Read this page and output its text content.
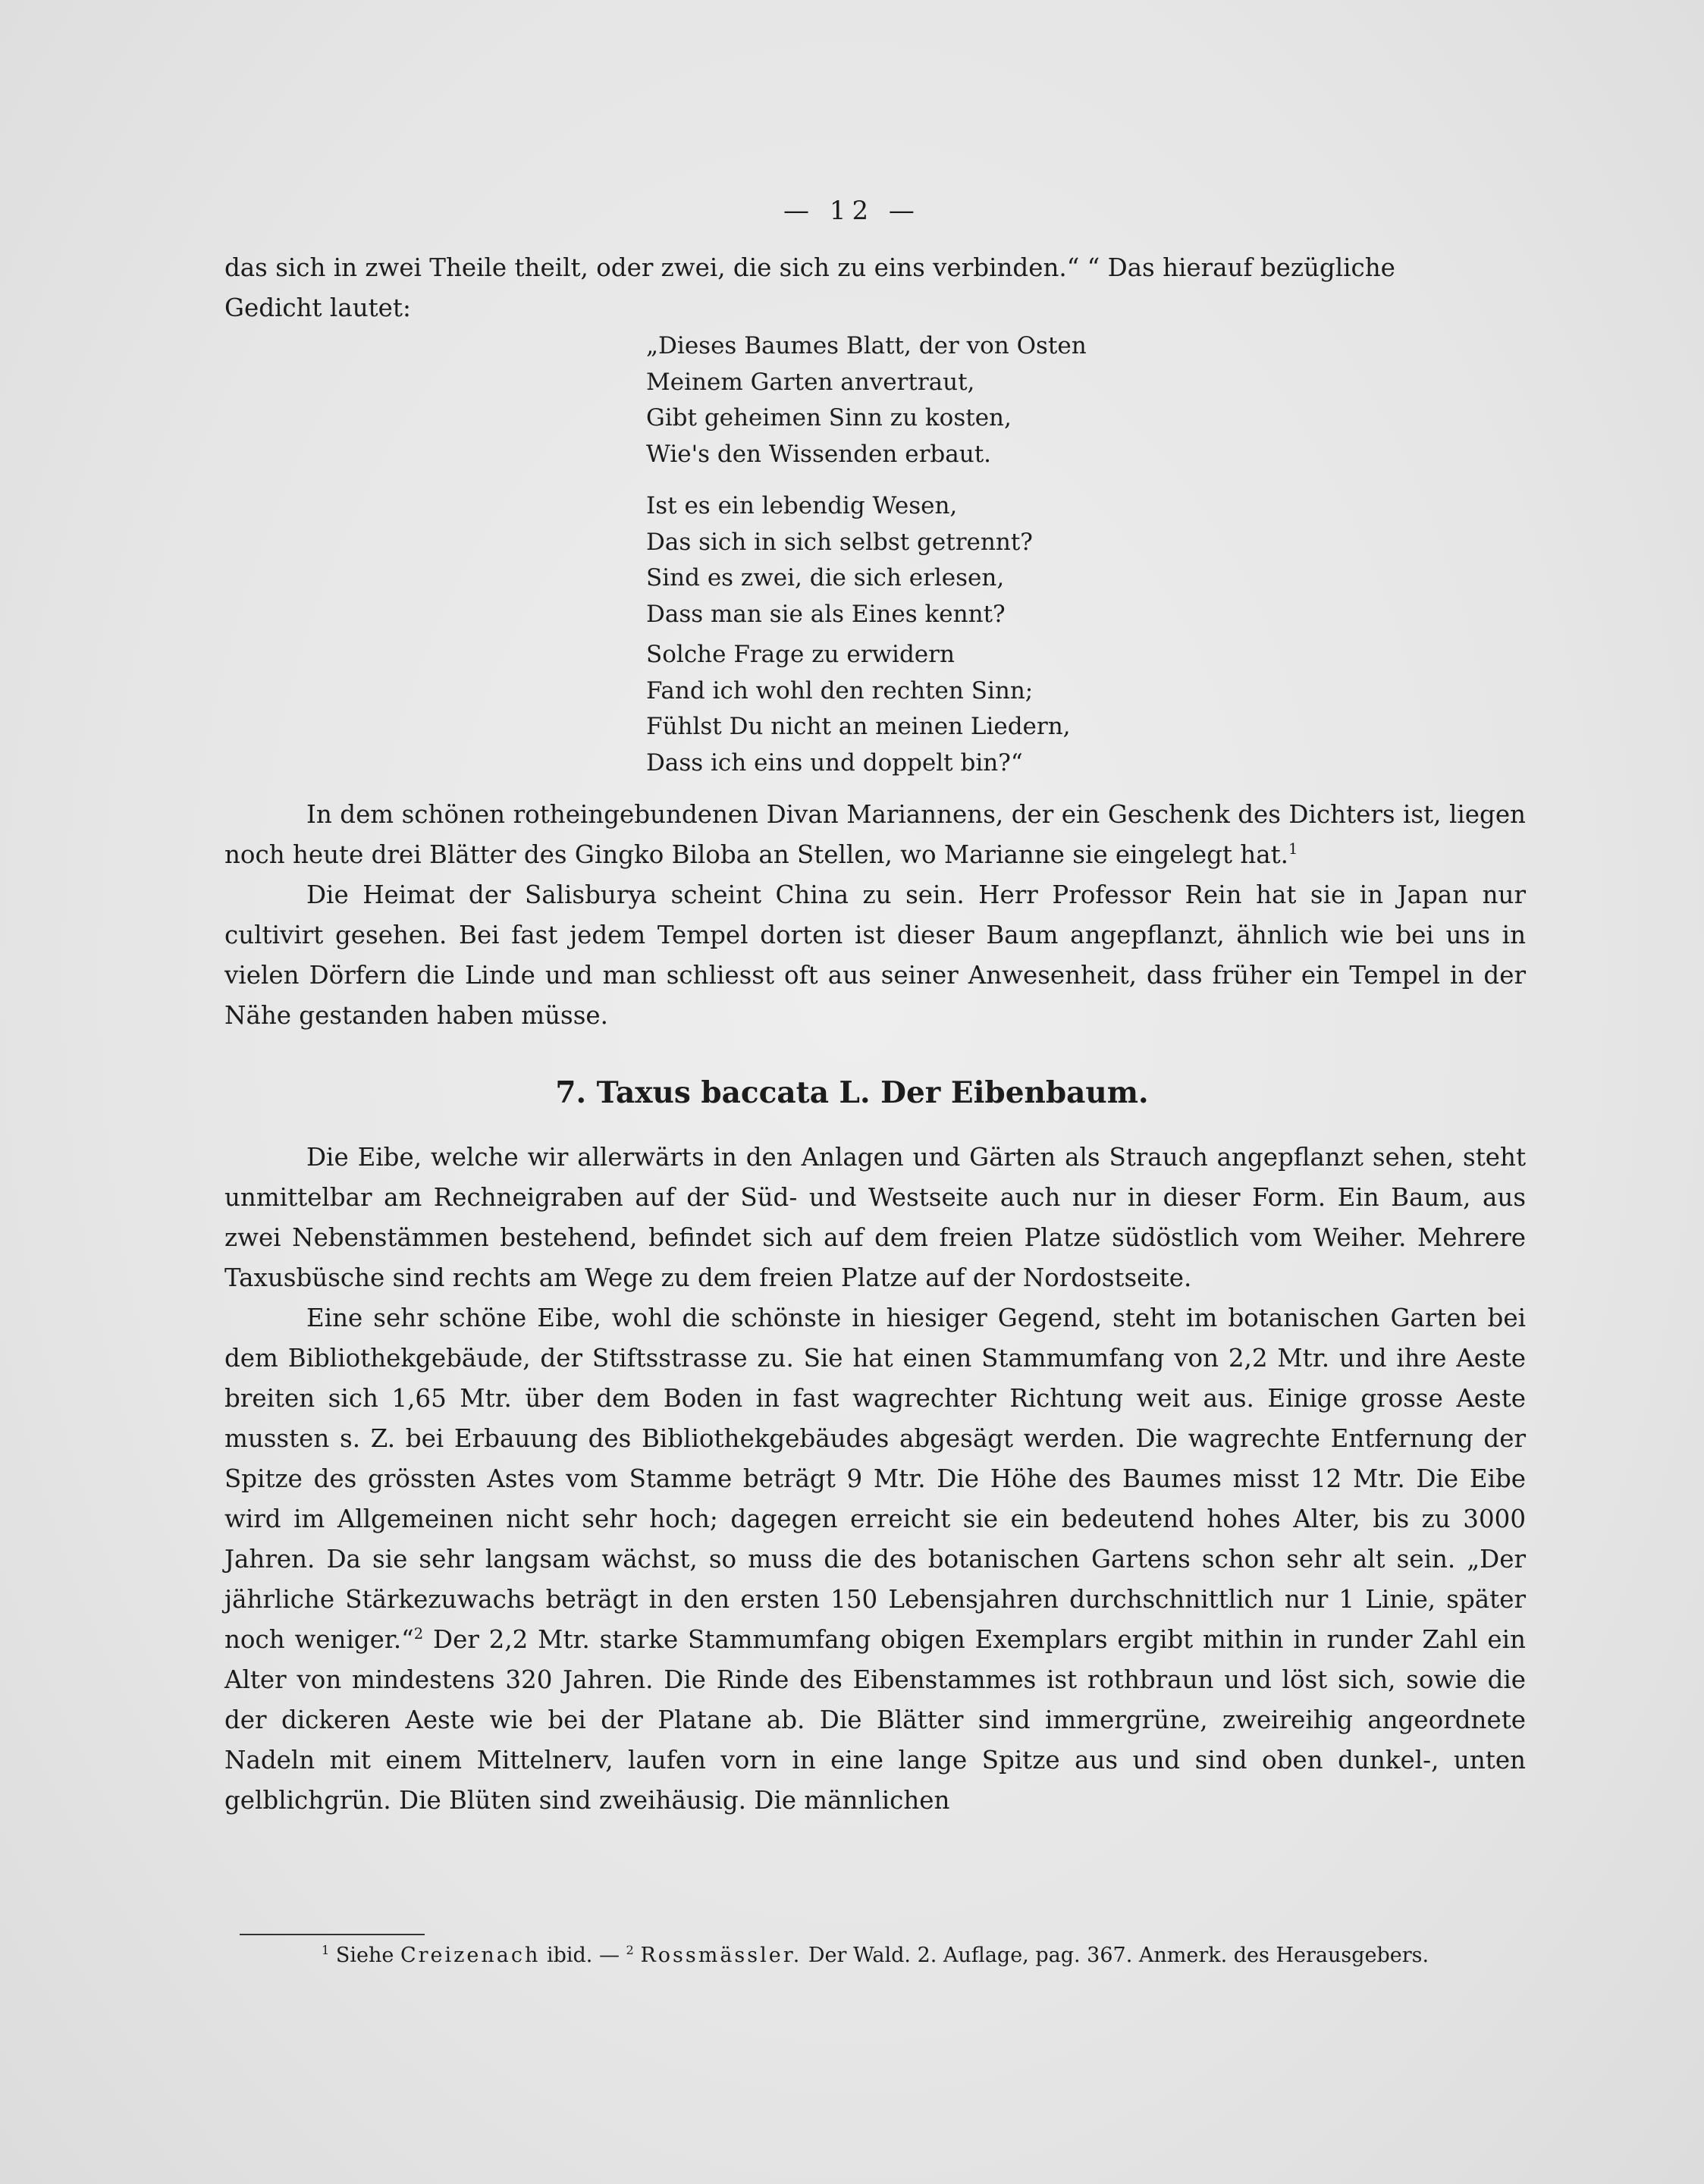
— 12 —

das sich in zwei Theile theilt, oder zwei, die sich zu eins verbinden.“ “ Das hierauf bezügliche

Gedicht lautet:

„Dieses Baumes Blatt, der von Osten
Meinem Garten anvertraut,
Gibt geheimen Sinn zu kosten,
Wie's den Wissenden erbaut.
Ist es ein lebendig Wesen,
Das sich in sich selbst getrennt?
Sind es zwei, die sich erlesen,
Dass man sie als Eines kennt?
Solche Frage zu erwidern
Fand ich wohl den rechten Sinn;
Fühlst Du nicht an meinen Liedern,
Dass ich eins und doppelt bin?“

In dem schönen rotheingebundenen Divan Mariannens, der ein Geschenk des Dichters ist, liegen noch heute drei Blätter des Gingko Biloba an Stellen, wo Marianne sie eingelegt hat.$^1$

Die Heimat der Salisburya scheint China zu sein. Herr Professor Rein hat sie in Japan nur cultivirt gesehen. Bei fast jedem Tempel dorten ist dieser Baum angepflanzt, ähnlich wie bei uns in vielen Dörfern die Linde und man schliesst oft aus seiner Anwesenheit, dass früher ein Tempel in der Nähe gestanden haben müsse.

7. Taxus baccata L. Der Eibenbaum.

Die Eibe, welche wir allerwärts in den Anlagen und Gärten als Strauch angepflanzt sehen, steht unmittelbar am Rechneigraben auf der Süd- und Westseite auch nur in dieser Form. Ein Baum, aus zwei Nebenstämmen bestehend, befindet sich auf dem freien Platze südöstlich vom Weiher. Mehrere Taxusbüsche sind rechts am Wege zu dem freien Platze auf der Nordostseite.

Eine sehr schöne Eibe, wohl die schönste in hiesiger Gegend, steht im botanischen Garten bei dem Bibliothekgebäude, der Stiftsstrasse zu. Sie hat einen Stammumfang von 2,2 Mtr. und ihre Aeste breiten sich 1,65 Mtr. über dem Boden in fast wagrechter Richtung weit aus. Einige grosse Aeste mussten s. Z. bei Erbauung des Bibliothekgebäudes abgesägt werden. Die wagrechte Entfernung der Spitze des grössten Astes vom Stamme beträgt 9 Mtr. Die Höhe des Baumes misst 12 Mtr. Die Eibe wird im Allgemeinen nicht sehr hoch; dagegen erreicht sie ein bedeutend hohes Alter, bis zu 3000 Jahren. Da sie sehr langsam wächst, so muss die des botanischen Gartens schon sehr alt sein. „Der jährliche Stärkezuwachs beträgt in den ersten 150 Lebensjahren durchschnittlich nur 1 Linie, später noch weniger.“$^2$ Der 2,2 Mtr. starke Stammumfang obigen Exemplars ergibt mithin in runder Zahl ein Alter von mindestens 320 Jahren. Die Rinde des Eibenstammes ist rothbraun und löst sich, sowie die der dickeren Aeste wie bei der Platane ab. Die Blätter sind immergrüne, zweireihig angeordnete Nadeln mit einem Mittelnerv, laufen vorn in eine lange Spitze aus und sind oben dunkel-, unten gelblichgrün. Die Blüten sind zweihäusig. Die männlichen

$^1$ Siehe Creizenach ibid. — $^2$ Rossmässler. Der Wald. 2. Auflage, pag. 367. Anmerk. des Herausgebers.
